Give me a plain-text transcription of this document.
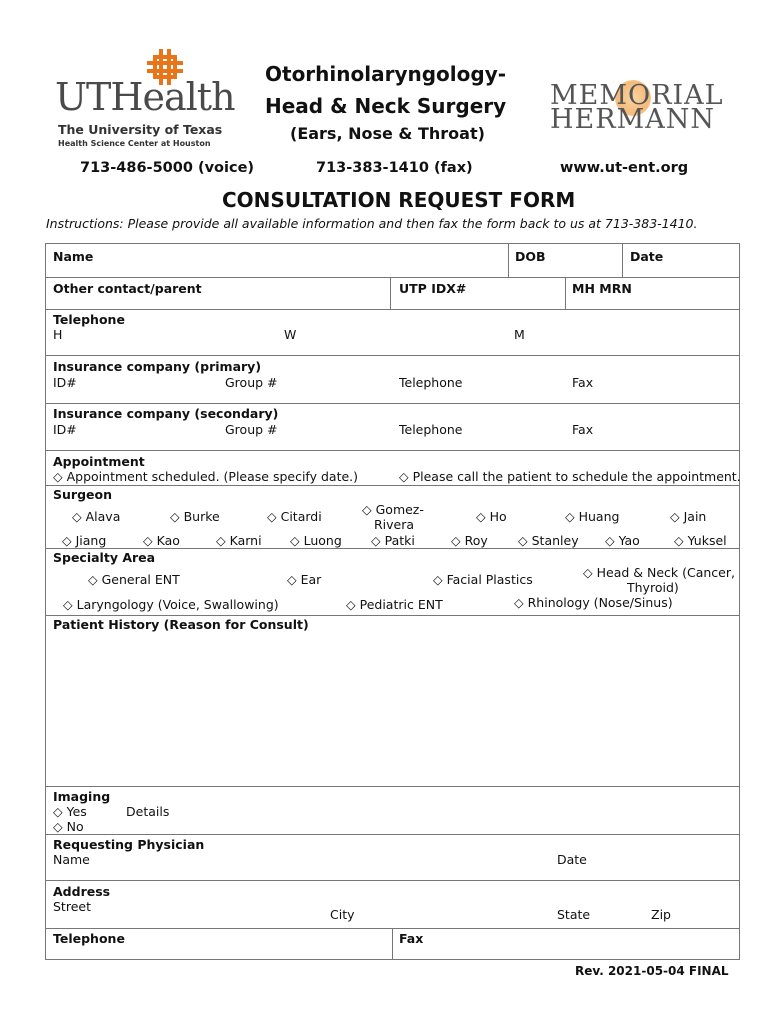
UTHealth
The University of Texas
Health Science Center at Houston
Otorhinolaryngology-
Head & Neck Surgery
(Ears, Nose & Throat)
MEMORIAL
HERMANN
713-486-5000 (voice)	713-383-1410 (fax)	www.ut-ent.org
CONSULTATION REQUEST FORM
Instructions: Please provide all available information and then fax the form back to us at 713-383-1410.
Name	DOB	Date
Other contact/parent	UTP IDX#	MH MRN
Telephone
H	W	M
Insurance company (primary)
ID#	Group #	Telephone	Fax
Insurance company (secondary)
ID#	Group #	Telephone	Fax
Appointment
◇ Appointment scheduled. (Please specify date.)	◇ Please call the patient to schedule the appointment.
Surgeon
◇ Alava	◇ Burke	◇ Citardi	◇ Gomez-
Rivera
◇ Ho	◇ Huang	◇ Jain
◇ Jiang	◇ Kao	◇ Karni ◇ Luong ◇ Patki	◇ Roy ◇ Stanley ◇ Yao	◇ Yuksel
Specialty Area
◇ General ENT	◇ Ear	◇ Facial Plastics	◇ Head & Neck (Cancer,
Thyroid)
◇ Laryngology (Voice, Swallowing)	◇ Pediatric ENT	◇ Rhinology (Nose/Sinus)
Patient History (Reason for Consult)
Imaging
◇ Yes	Details
◇ No
Requesting Physician
Name	Date
Address
Street
City	State	Zip
Telephone	Fax
Rev. 2021-05-04 FINAL
